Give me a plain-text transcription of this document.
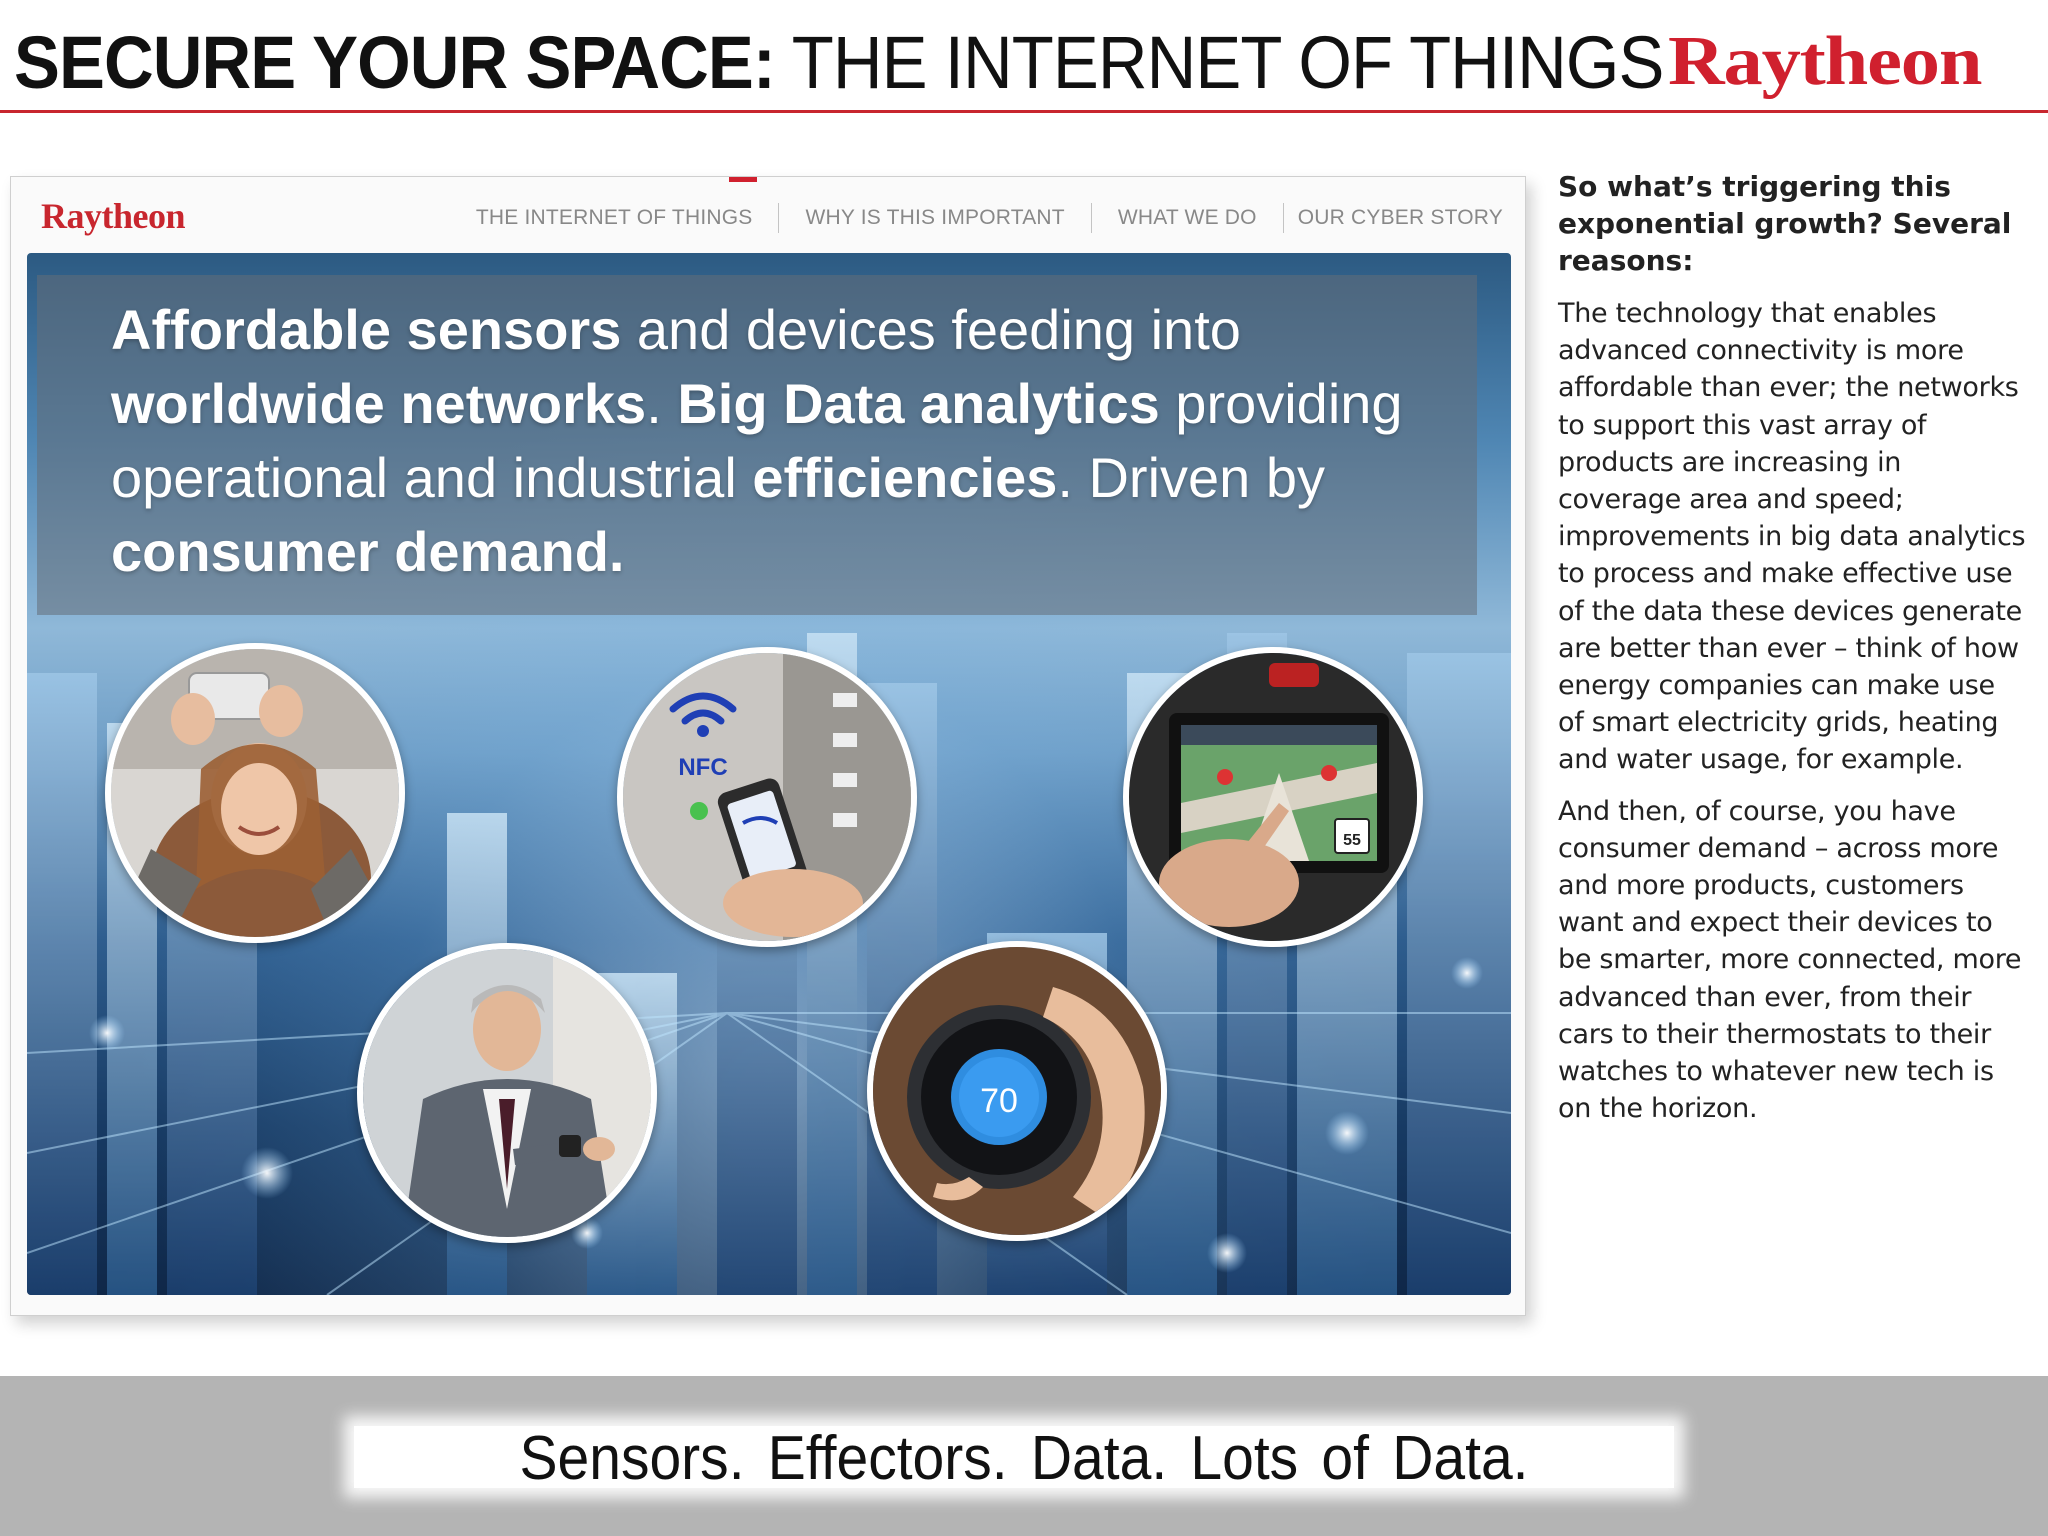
SECURE YOUR SPACE: THE INTERNET OF THINGS Raytheon
Raytheon	THE INTERNET OF THINGS	WHY IS THIS IMPORTANT	WHAT WE DO	OUR CYBER STORY
Affordable sensors and devices feeding into worldwide networks. Big Data analytics providing operational and industrial efficiencies. Driven by consumer demand.
NFC
55
70
So what’s triggering this exponential growth? Several reasons:
The technology that enables advanced connectivity is more affordable than ever; the networks to support this vast array of products are increasing in coverage area and speed; improvements in big data analytics to process and make effective use of the data these devices generate are better than ever – think of how energy companies can make use of smart electricity grids, heating and water usage, for example.
And then, of course, you have consumer demand – across more and more products, customers want and expect their devices to be smarter, more connected, more advanced than ever, from their cars to their thermostats to their watches to whatever new tech is on the horizon.
Sensors. Effectors. Data. Lots of Data.
